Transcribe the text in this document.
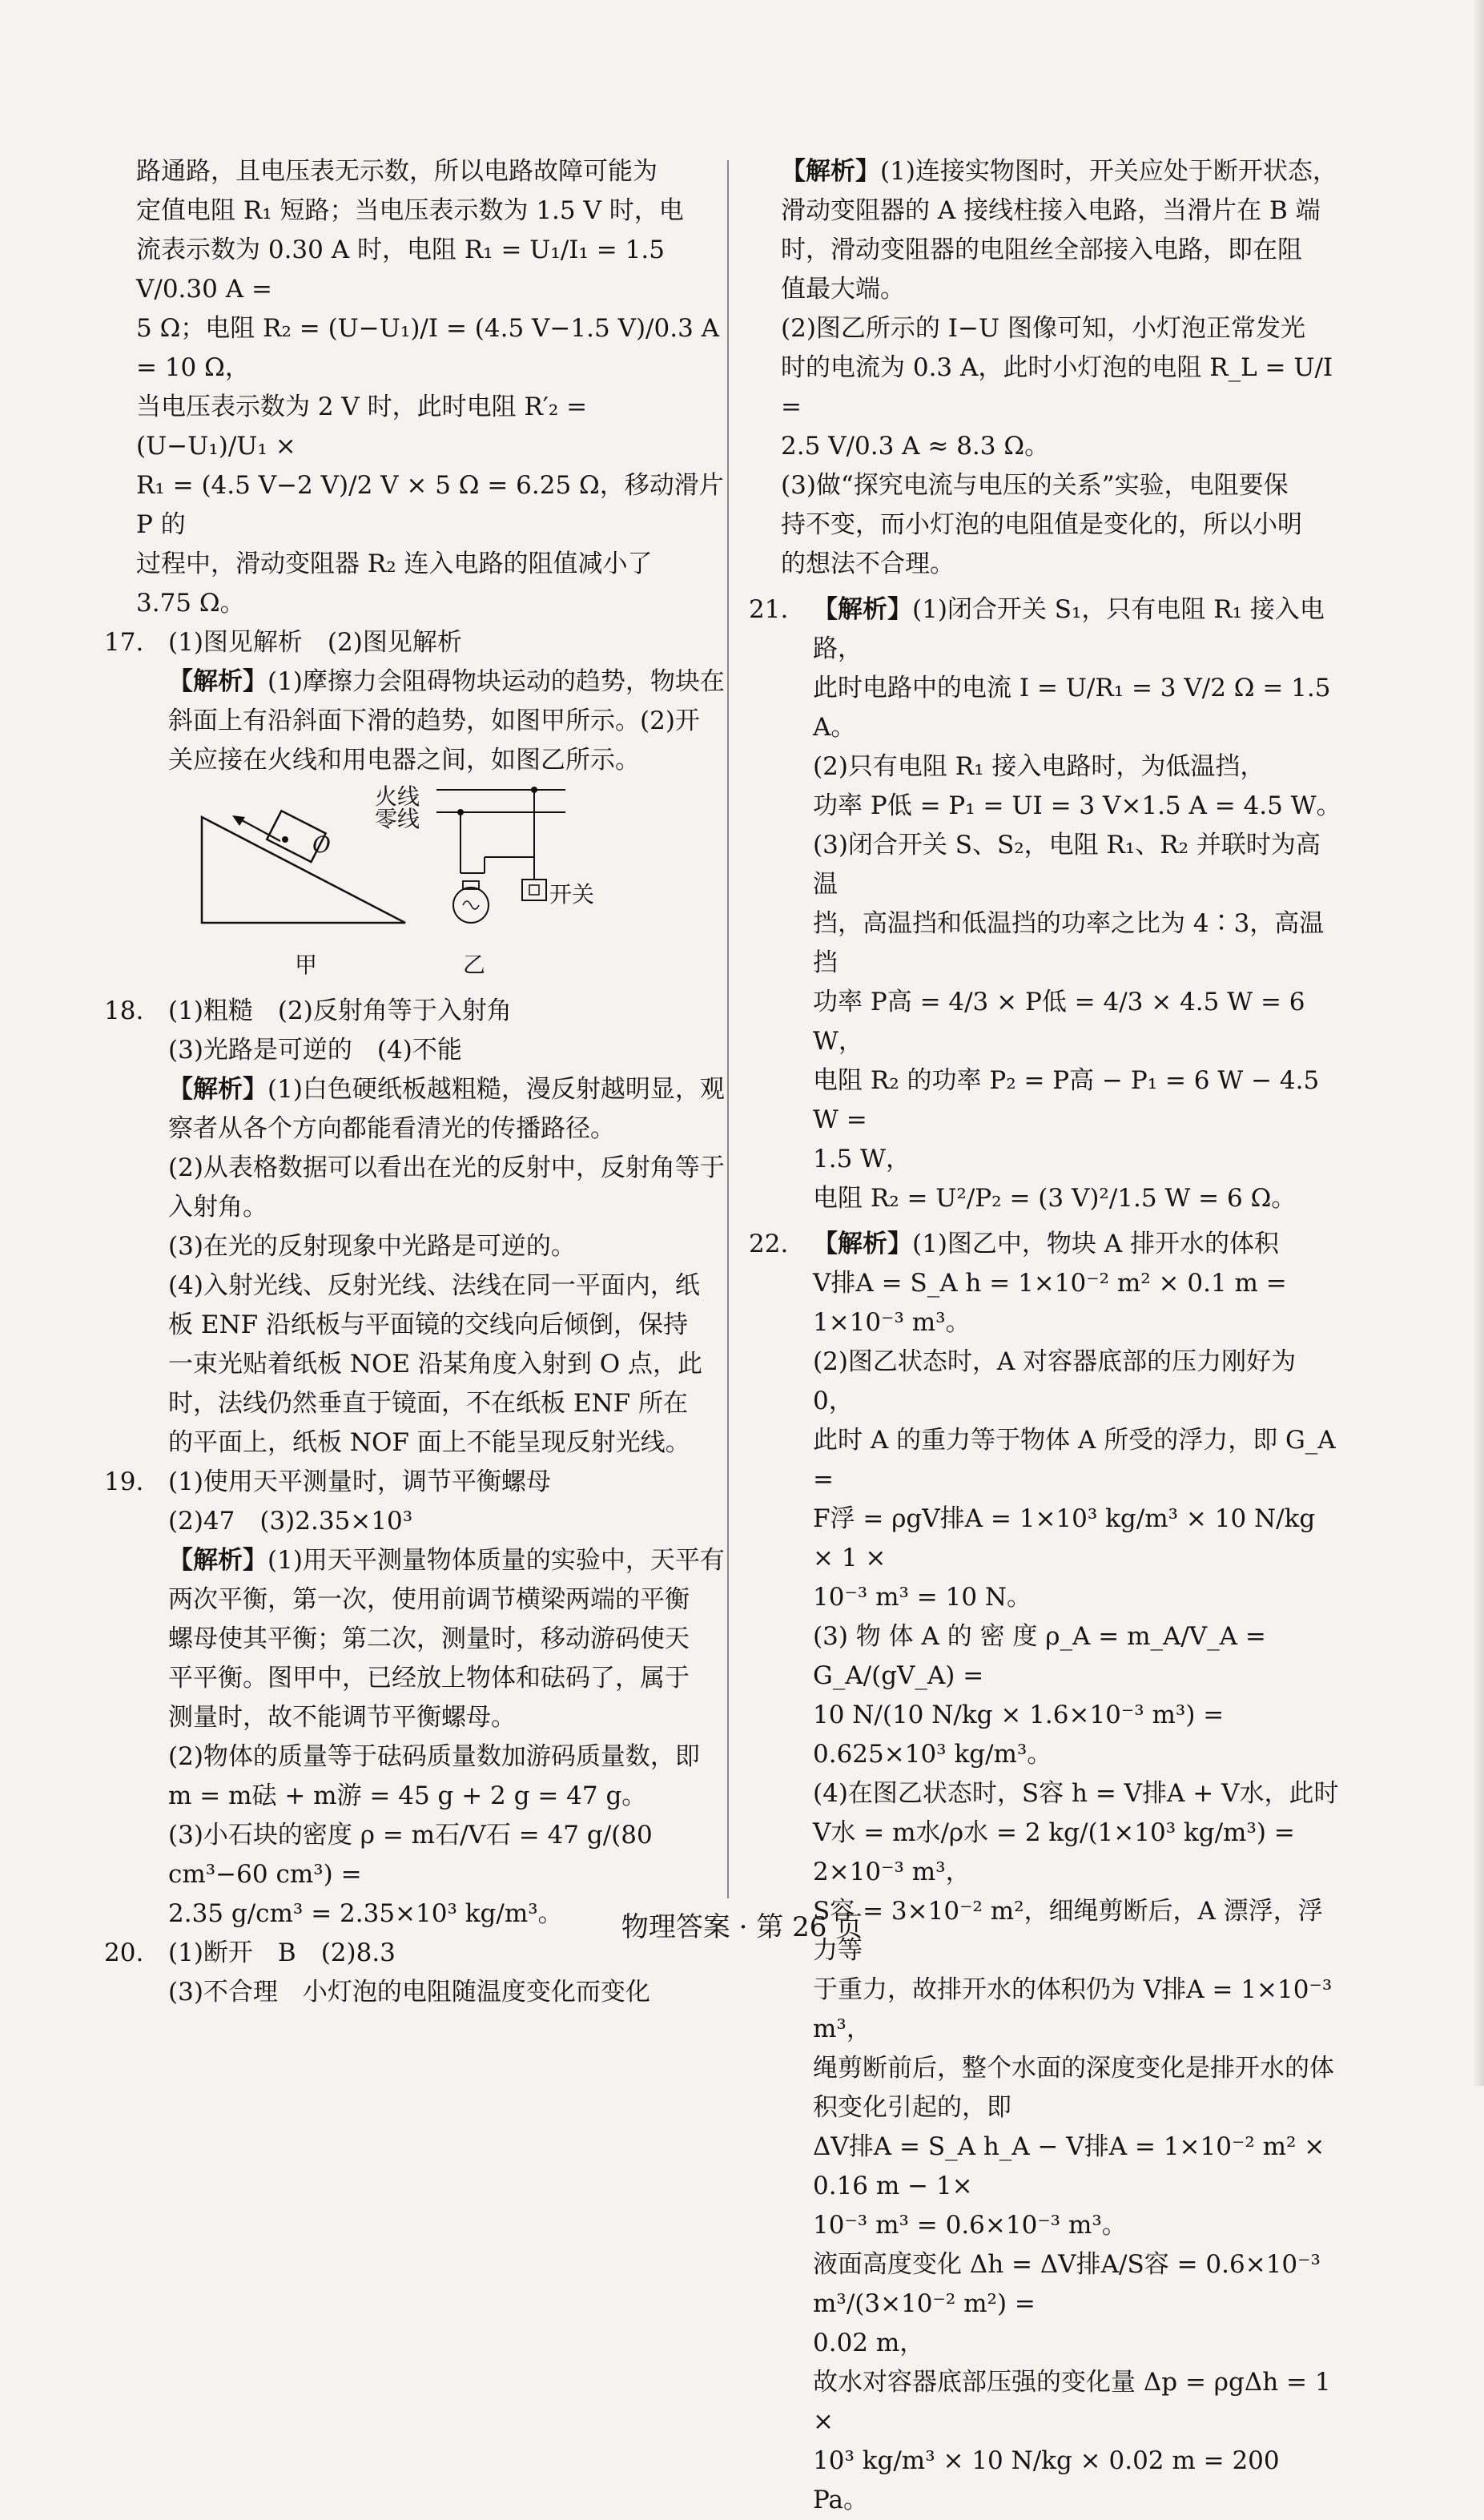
路通路，且电压表无示数，所以电路故障可能为

定值电阻 R₁ 短路；当电压表示数为 1.5 V 时，电

流表示数为 0.30 A 时，电阻 R₁ = U₁/I₁ = 1.5 V/0.30 A =

5 Ω；电阻 R₂ = (U−U₁)/I = (4.5 V−1.5 V)/0.3 A = 10 Ω，

当电压表示数为 2 V 时，此时电阻 R′₂ = (U−U₁)/U₁ ×

R₁ = (4.5 V−2 V)/2 V × 5 Ω = 6.25 Ω，移动滑片 P 的

过程中，滑动变阻器 R₂ 连入电路的阻值减小了

3.75 Ω。

17. (1)图见解析　(2)图见解析

【解析】(1)摩擦力会阻碍物块运动的趋势，物块在

斜面上有沿斜面下滑的趋势，如图甲所示。(2)开

关应接在火线和用电器之间，如图乙所示。

火线
零线
O
开关
甲	乙
18. (1)粗糙　(2)反射角等于入射角

(3)光路是可逆的　(4)不能

【解析】(1)白色硬纸板越粗糙，漫反射越明显，观

察者从各个方向都能看清光的传播路径。

(2)从表格数据可以看出在光的反射中，反射角等于

入射角。

(3)在光的反射现象中光路是可逆的。

(4)入射光线、反射光线、法线在同一平面内，纸

板 ENF 沿纸板与平面镜的交线向后倾倒，保持

一束光贴着纸板 NOE 沿某角度入射到 O 点，此

时，法线仍然垂直于镜面，不在纸板 ENF 所在

的平面上，纸板 NOF 面上不能呈现反射光线。

19. (1)使用天平测量时，调节平衡螺母

(2)47　(3)2.35×10³

【解析】(1)用天平测量物体质量的实验中，天平有

两次平衡，第一次，使用前调节横梁两端的平衡

螺母使其平衡；第二次，测量时，移动游码使天

平平衡。图甲中，已经放上物体和砝码了，属于

测量时，故不能调节平衡螺母。

(2)物体的质量等于砝码质量数加游码质量数，即

m = m砝 + m游 = 45 g + 2 g = 47 g。

(3)小石块的密度 ρ = m石/V石 = 47 g/(80 cm³−60 cm³) =

2.35 g/cm³ = 2.35×10³ kg/m³。

20. (1)断开　B　(2)8.3

(3)不合理　小灯泡的电阻随温度变化而变化

【解析】(1)连接实物图时，开关应处于断开状态，

滑动变阻器的 A 接线柱接入电路，当滑片在 B 端

时，滑动变阻器的电阻丝全部接入电路，即在阻

值最大端。

(2)图乙所示的 I−U 图像可知，小灯泡正常发光

时的电流为 0.3 A，此时小灯泡的电阻 R_L = U/I =

2.5 V/0.3 A ≈ 8.3 Ω。

(3)做“探究电流与电压的关系”实验，电阻要保

持不变，而小灯泡的电阻值是变化的，所以小明

的想法不合理。

21. 【解析】(1)闭合开关 S₁，只有电阻 R₁ 接入电路，

此时电路中的电流 I = U/R₁ = 3 V/2 Ω = 1.5 A。

(2)只有电阻 R₁ 接入电路时，为低温挡，

功率 P低 = P₁ = UI = 3 V×1.5 A = 4.5 W。

(3)闭合开关 S、S₂，电阻 R₁、R₂ 并联时为高温

挡，高温挡和低温挡的功率之比为 4∶3，高温挡

功率 P高 = 4/3 × P低 = 4/3 × 4.5 W = 6 W，

电阻 R₂ 的功率 P₂ = P高 − P₁ = 6 W − 4.5 W =

1.5 W，

电阻 R₂ = U²/P₂ = (3 V)²/1.5 W = 6 Ω。

22. 【解析】(1)图乙中，物块 A 排开水的体积

V排A = S_A h = 1×10⁻² m² × 0.1 m = 1×10⁻³ m³。

(2)图乙状态时，A 对容器底部的压力刚好为 0，

此时 A 的重力等于物体 A 所受的浮力，即 G_A =

F浮 = ρgV排A = 1×10³ kg/m³ × 10 N/kg × 1 ×

10⁻³ m³ = 10 N。

(3) 物 体 A 的 密 度 ρ_A = m_A/V_A = G_A/(gV_A) =

10 N/(10 N/kg × 1.6×10⁻³ m³) = 0.625×10³ kg/m³。

(4)在图乙状态时，S容 h = V排A + V水，此时

V水 = m水/ρ水 = 2 kg/(1×10³ kg/m³) = 2×10⁻³ m³，

S容 = 3×10⁻² m²，细绳剪断后，A 漂浮，浮力等

于重力，故排开水的体积仍为 V排A = 1×10⁻³ m³，

绳剪断前后，整个水面的深度变化是排开水的体

积变化引起的，即

ΔV排A = S_A h_A − V排A = 1×10⁻² m² × 0.16 m − 1×

10⁻³ m³ = 0.6×10⁻³ m³。

液面高度变化 Δh = ΔV排A/S容 = 0.6×10⁻³ m³/(3×10⁻² m²) =

0.02 m，

故水对容器底部压强的变化量 Δp = ρgΔh = 1 ×

10³ kg/m³ × 10 N/kg × 0.02 m = 200 Pa。

物理答案 · 第 26 页
